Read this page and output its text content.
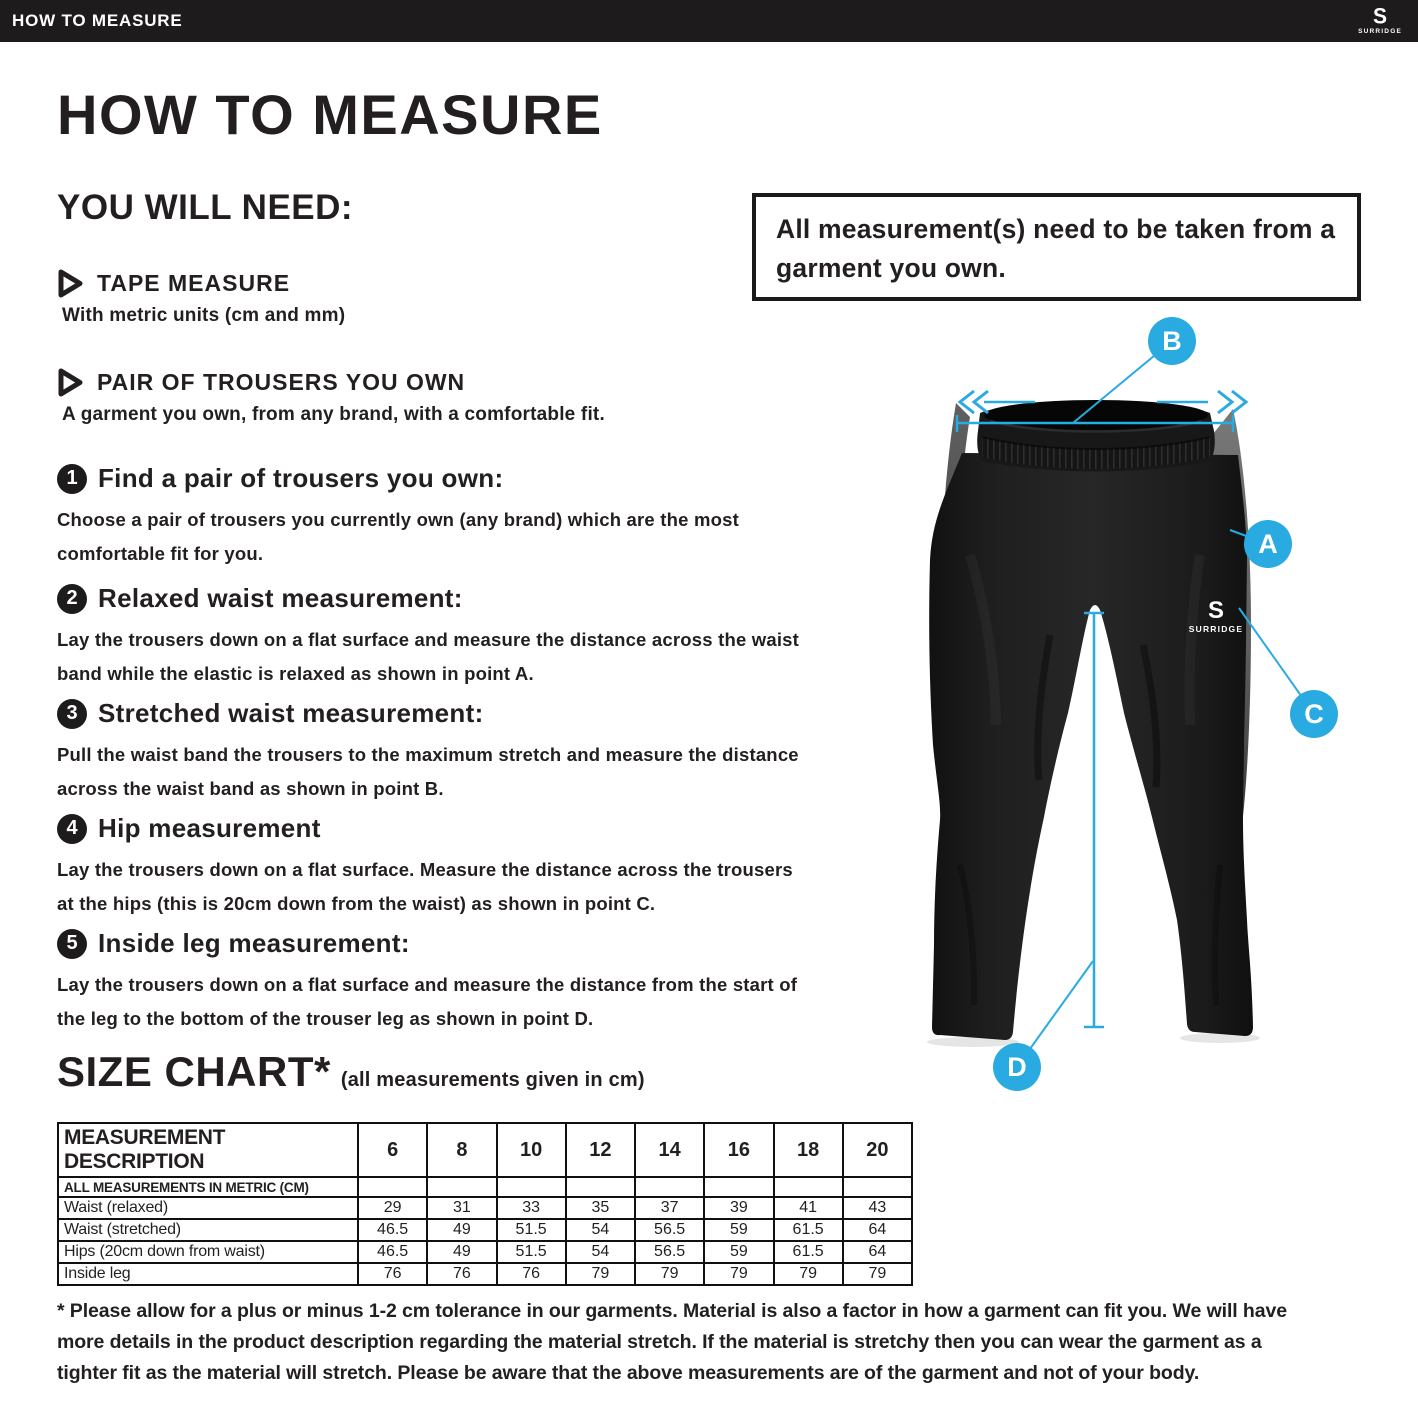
HOW TO MEASURE	S
SURRIDGE
HOW TO MEASURE
YOU WILL NEED:
TAPE MEASURE
With metric units (cm and mm)
PAIR OF TROUSERS YOU OWN
A garment you own, from any brand, with a comfortable fit.
All measurement(s) need to be taken from a garment you own.
1 Find a pair of trousers you own:
Choose a pair of trousers you currently own (any brand) which are the most comfortable fit for you.
2 Relaxed waist measurement:
Lay the trousers down on a flat surface and measure the distance across the waist band while the elastic is relaxed as shown in point A.
3 Stretched waist measurement:
Pull the waist band the trousers to the maximum stretch and measure the distance across the waist band as shown in point B.
4 Hip measurement
Lay the trousers down on a flat surface. Measure the distance across the trousers at the hips (this is 20cm down from the waist) as shown in point C.
5 Inside leg measurement:
Lay the trousers down on a flat surface and measure the distance from the start of the leg to the bottom of the trouser leg as shown in point D.
S
SURRIDGE
B
A
C
D
SIZE CHART* (all measurements given in cm)
MEASUREMENT DESCRIPTION	6	8	10	12	14	16	18	20
ALL MEASUREMENTS IN METRIC (CM)								
Waist (relaxed)	29	31	33	35	37	39	41	43
Waist (stretched)	46.5	49	51.5	54	56.5	59	61.5	64
Hips (20cm down from waist)	46.5	49	51.5	54	56.5	59	61.5	64
Inside leg	76	76	76	79	79	79	79	79
* Please allow for a plus or minus 1-2 cm tolerance in our garments. Material is also a factor in how a garment can fit you. We will have
more details in the product description regarding the material stretch. If the material is stretchy then you can wear the garment as a
tighter fit as the material will stretch. Please be aware that the above measurements are of the garment and not of your body.
